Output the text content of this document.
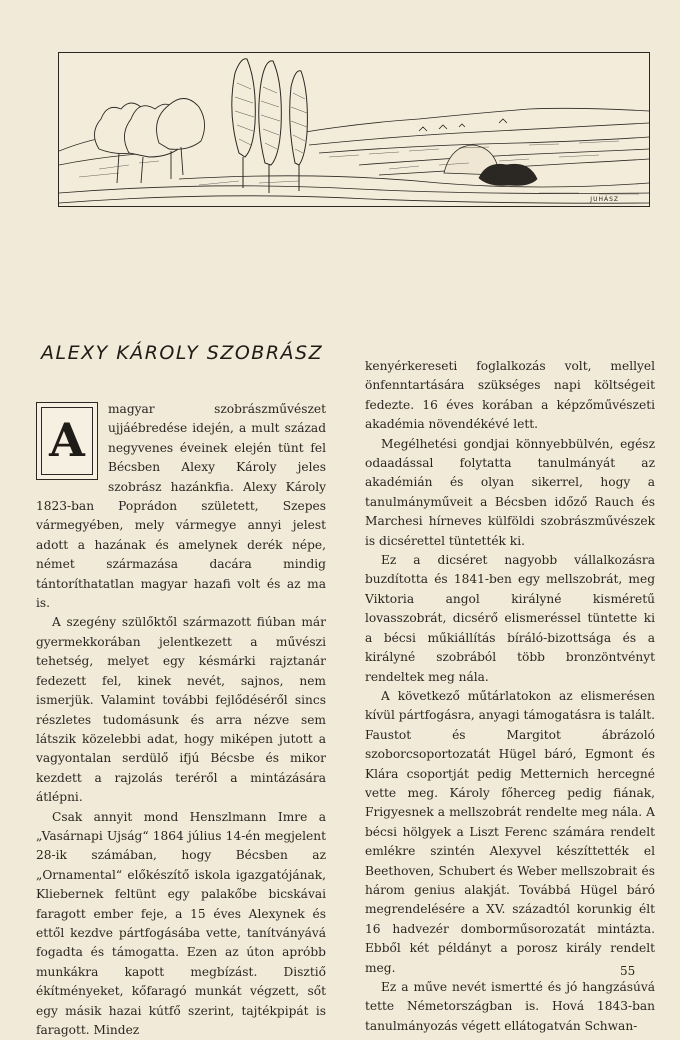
JUHÁSZ
ALEXY KÁROLY SZOBRÁSZ
A

magyar szobrászművészet ujjáébredése idején, a mult század negyvenes éveinek elején tünt fel Bécsben Alexy Károly jeles szobrász hazánkfia. Alexy Károly 1823-ban Poprádon született, Szepes vármegyében, mely vármegye annyi jelest adott a hazának és amelynek derék népe, német származása dacára mindig tántoríthatatlan magyar hazafi volt és az ma is.

A szegény szülőktől származott fiúban már gyermekkorában jelentkezett a művészi tehetség, melyet egy késmárki rajztanár fedezett fel, kinek nevét, sajnos, nem ismerjük. Valamint további fejlődéséről sincs részletes tudomásunk és arra nézve sem látszik közelebbi adat, hogy miképen jutott a vagyontalan serdülő ifjú Bécsbe és mikor kezdett a rajzolás teréről a mintázására átlépni.

Csak annyit mond Henszlmann Imre a „Vasárnapi Ujság“ 1864 július 14-én megjelent 28-ik számában, hogy Bécsben az „Ornamental“ előkészítő iskola igazgatójának, Kliebernek feltünt egy palakőbe bicskávai faragott ember feje, a 15 éves Alexynek és ettől kezdve pártfogásába vette, tanítványává fogadta és támogatta. Ezen az úton apróbb munkákra kapott megbízást. Disztiő ékítményeket, kőfaragó munkát végzett, sőt egy másik hazai kútfő szerint, tajtékpipát is faragott. Mindez

kenyérkereseti foglalkozás volt, mellyel önfenntartására szükséges napi költségeit fedezte. 16 éves korában a képzőművészeti akadémia növendékévé lett.

Megélhetési gondjai könnyebbülvén, egész odaadással folytatta tanulmányát az akadémián és olyan sikerrel, hogy a tanulmányműveit a Bécsben időző Rauch és Marchesi hírneves külföldi szobrászművészek is dicsérettel tüntették ki.

Ez a dicséret nagyobb vállalkozásra buzdította és 1841-ben egy mellszobrát, meg Viktoria angol királyné kisméretű lovasszobrát, dicsérő elismeréssel tüntette ki a bécsi műkiállítás bíráló-bizottsága és a királyné szobrából több bronzöntvényt rendeltek meg nála.

A következő műtárlatokon az elismerésen kívül pártfogásra, anyagi támogatásra is talált. Faustot és Margitot ábrázoló szoborcsoportozatát Hügel báró, Egmont és Klára csoportját pedig Metternich hercegné vette meg. Károly főherceg pedig fiának, Frigyesnek a mellszobrát rendelte meg nála. A bécsi hölgyek a Liszt Ferenc számára rendelt emlékre szintén Alexyvel készíttették el Beethoven, Schubert és Weber mellszobrait és három genius alakját. Továbbá Hügel báró megrendelésére a XV. századtól korunkig élt 16 hadvezér domborműsorozatát mintázta. Ebből két példányt a porosz király rendelt meg.

Ez a műve nevét ismertté és jó hangzásúvá tette Németországban is. Hová 1843-ban tanulmányozás végett ellátogatván Schwan-

55
